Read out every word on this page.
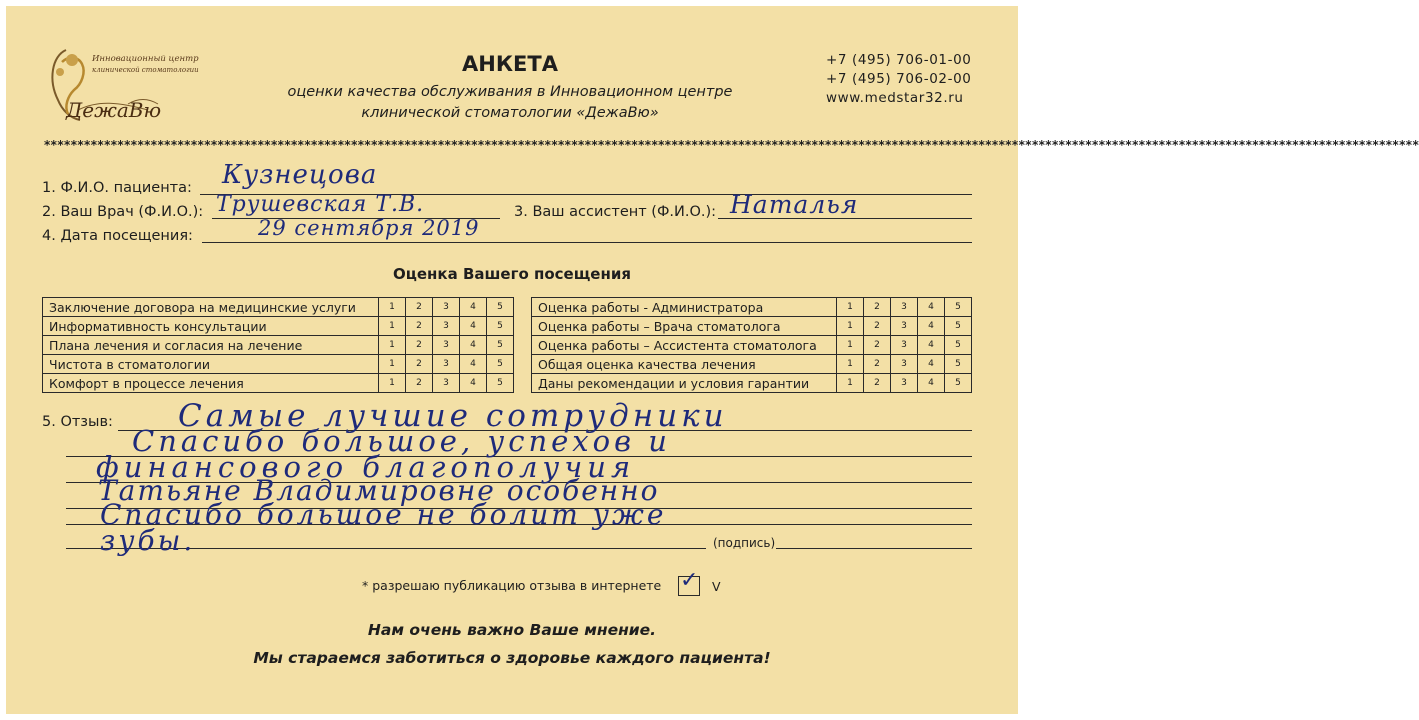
Инновационный центр
клинической стоматологии
ДежаВю
АНКЕТА
оценки качества обслуживания в Инновационном центре
клинической стоматологии «ДежаВю»
+7 (495) 706-01-00
+7 (495) 706-02-00
www.medstar32.ru
**************************************************************************************************************************************************************************************************************
1. Ф.И.О. пациента: Кузнецова
2. Ваш Врач (Ф.И.О.): Трушевская Т.В.	3. Ваш ассистент (Ф.И.О.): Наталья
4. Дата посещения:	29 сентября 2019
Оценка Вашего посещения
Заключение договора на медицинские услуги	1	2	3	4	5
Информативность консультации	1	2	3	4	5
Плана лечения и согласия на лечение	1	2	3	4	5
Чистота в стоматологии	1	2	3	4	5
Комфорт в процессе лечения	1	2	3	4	5
Оценка работы - Администратора	1	2	3	4	5
Оценка работы – Врача стоматолога	1	2	3	4	5
Оценка работы – Ассистента стоматолога	1	2	3	4	5
Общая оценка качества лечения	1	2	3	4	5
Даны рекомендации и условия гарантии	1	2	3	4	5
5. Отзыв: Самые лучшие сотрудники
Спасибо большое, успехов и
финансового благополучия
Татьяне Владимировне особенно
Спасибо большое не болит уже
зубы.	(подпись)
* разрешаю публикацию отзыва в интернете ✓ V
Нам очень важно Ваше мнение.
Мы стараемся заботиться о здоровье каждого пациента!
